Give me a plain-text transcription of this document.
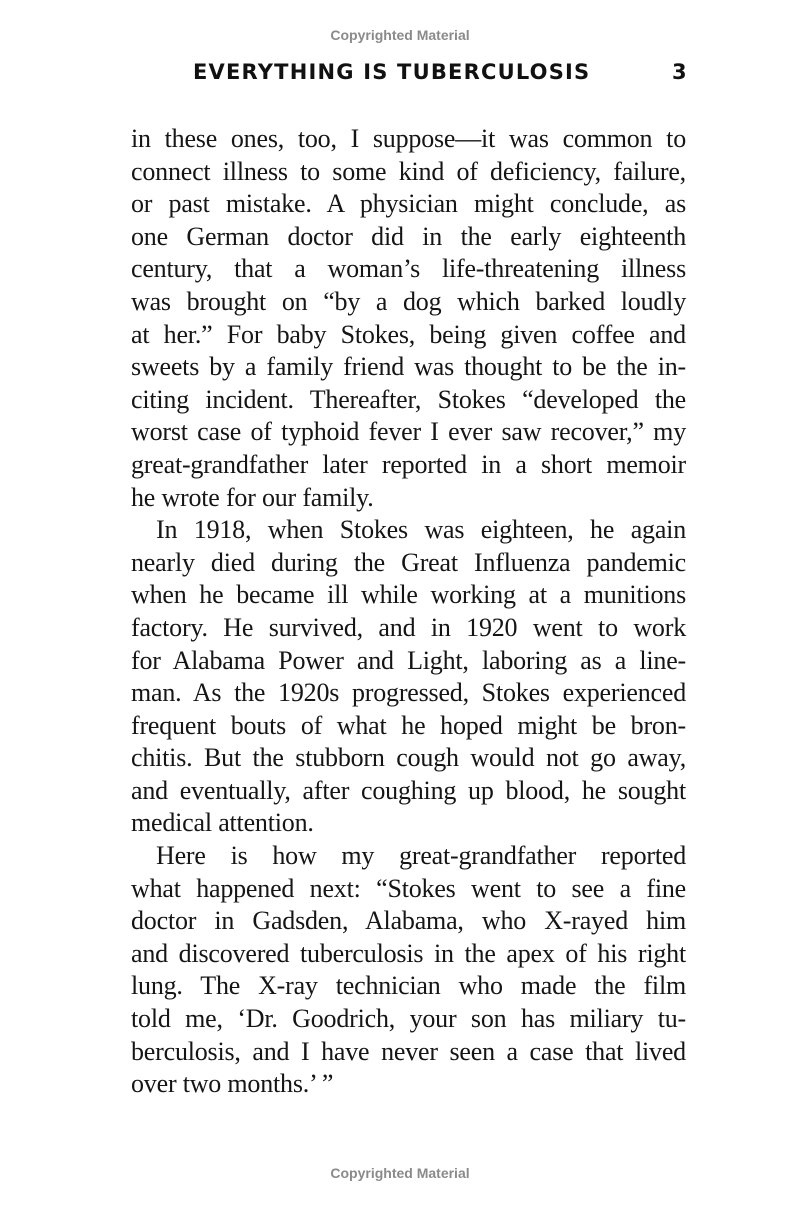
Copyrighted Material
EVERYTHING IS TUBERCULOSIS	3
in these ones, too, I suppose—it was common to
connect illness to some kind of deficiency, failure,
or past mistake. A physician might conclude, as
one German doctor did in the early eighteenth
century, that a woman’s life-threatening illness
was brought on “by a dog which barked loudly
at her.” For baby Stokes, being given coffee and
sweets by a family friend was thought to be the in-
citing incident. Thereafter, Stokes “developed the
worst case of typhoid fever I ever saw recover,” my
great-grandfather later reported in a short memoir
he wrote for our family.
In 1918, when Stokes was eighteen, he again
nearly died during the Great Influenza pandemic
when he became ill while working at a munitions
factory. He survived, and in 1920 went to work
for Alabama Power and Light, laboring as a line-
man. As the 1920s progressed, Stokes experienced
frequent bouts of what he hoped might be bron-
chitis. But the stubborn cough would not go away,
and eventually, after coughing up blood, he sought
medical attention.
Here is how my great-grandfather reported
what happened next: “Stokes went to see a fine
doctor in Gadsden, Alabama, who X-rayed him
and discovered tuberculosis in the apex of his right
lung. The X-ray technician who made the film
told me, ‘Dr. Goodrich, your son has miliary tu-
berculosis, and I have never seen a case that lived
over two months.’ ”
Copyrighted Material
